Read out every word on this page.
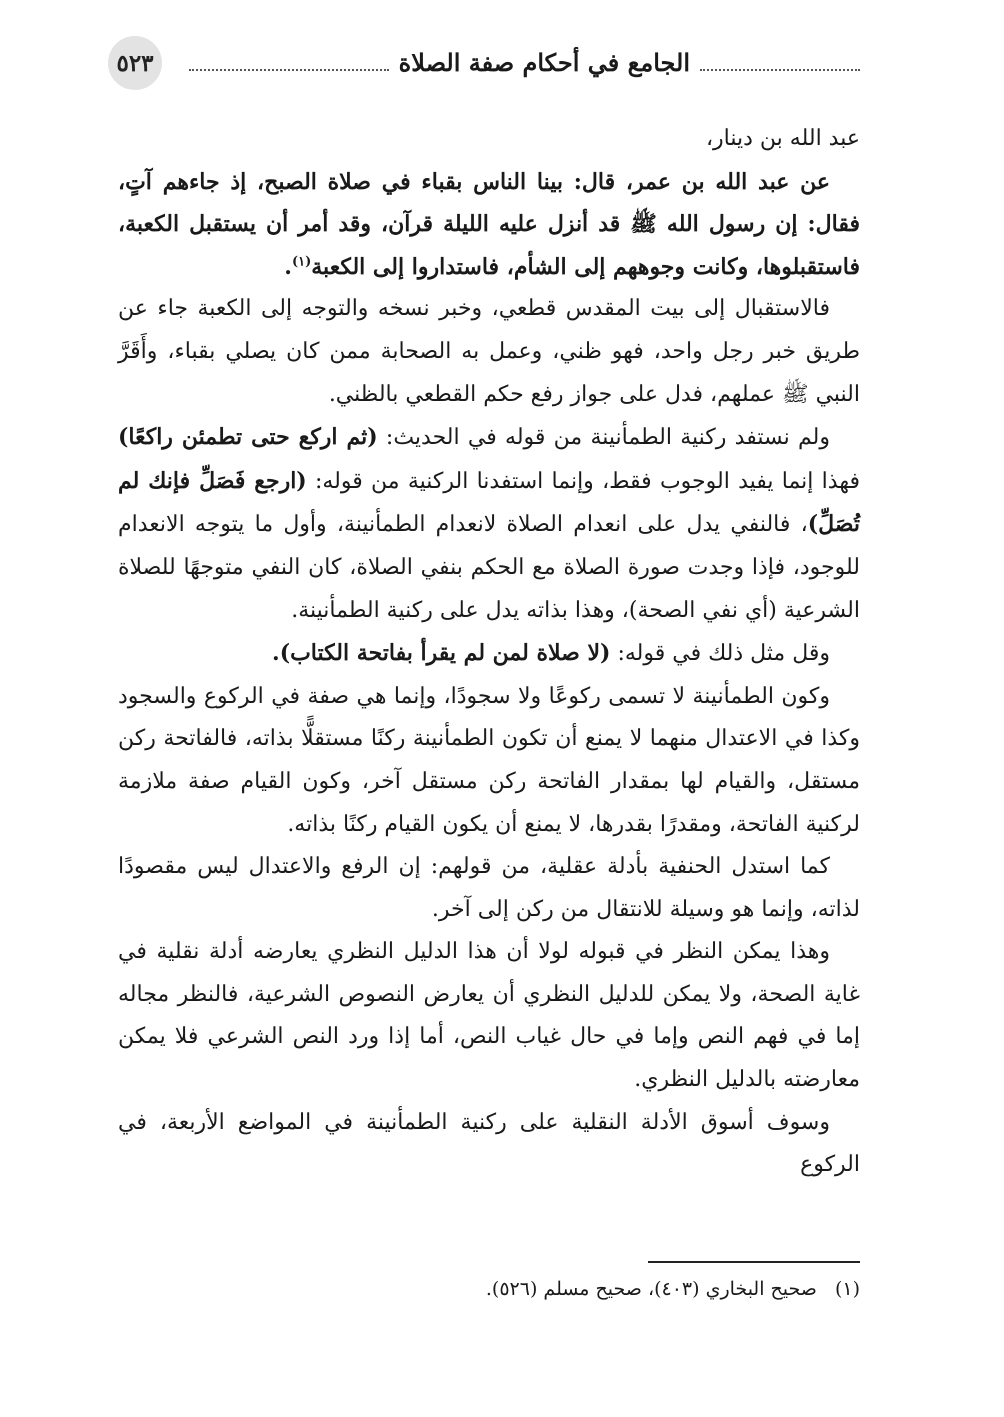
٥٢٣	الجامع في أحكام صفة الصلاة

عبد الله بن دينار،

عن عبد الله بن عمر، قال: بينا الناس بقباء في صلاة الصبح، إذ جاءهم آتٍ، فقال: إن رسول الله ﷺ قد أنزل عليه الليلة قرآن، وقد أمر أن يستقبل الكعبة، فاستقبلوها، وكانت وجوههم إلى الشأم، فاستداروا إلى الكعبة$^{(١)}$.

فالاستقبال إلى بيت المقدس قطعي، وخبر نسخه والتوجه إلى الكعبة جاء عن طريق خبر رجل واحد، فهو ظني، وعمل به الصحابة ممن كان يصلي بقباء، وأَقَرَّ النبي ﷺ عملهم، فدل على جواز رفع حكم القطعي بالظني.

ولم نستفد ركنية الطمأنينة من قوله في الحديث: (ثم اركع حتى تطمئن راكعًا) فهذا إنما يفيد الوجوب فقط، وإنما استفدنا الركنية من قوله: (ارجع فَصَلِّ فإنك لم تُصَلِّ)، فالنفي يدل على انعدام الصلاة لانعدام الطمأنينة، وأول ما يتوجه الانعدام للوجود، فإذا وجدت صورة الصلاة مع الحكم بنفي الصلاة، كان النفي متوجهًا للصلاة الشرعية (أي نفي الصحة)، وهذا بذاته يدل على ركنية الطمأنينة.

وقل مثل ذلك في قوله: (لا صلاة لمن لم يقرأ بفاتحة الكتاب).

وكون الطمأنينة لا تسمى ركوعًا ولا سجودًا، وإنما هي صفة في الركوع والسجود وكذا في الاعتدال منهما لا يمنع أن تكون الطمأنينة ركنًا مستقلًّا بذاته، فالفاتحة ركن مستقل، والقيام لها بمقدار الفاتحة ركن مستقل آخر، وكون القيام صفة ملازمة لركنية الفاتحة، ومقدرًا بقدرها، لا يمنع أن يكون القيام ركنًا بذاته.

كما استدل الحنفية بأدلة عقلية، من قولهم: إن الرفع والاعتدال ليس مقصودًا لذاته، وإنما هو وسيلة للانتقال من ركن إلى آخر.

وهذا يمكن النظر في قبوله لولا أن هذا الدليل النظري يعارضه أدلة نقلية في غاية الصحة، ولا يمكن للدليل النظري أن يعارض النصوص الشرعية، فالنظر مجاله إما في فهم النص وإما في حال غياب النص، أما إذا ورد النص الشرعي فلا يمكن معارضته بالدليل النظري.

وسوف أسوق الأدلة النقلية على ركنية الطمأنينة في المواضع الأربعة، في الركوع

(١)
صحيح البخاري (٤٠٣)، صحيح مسلم (٥٢٦).
